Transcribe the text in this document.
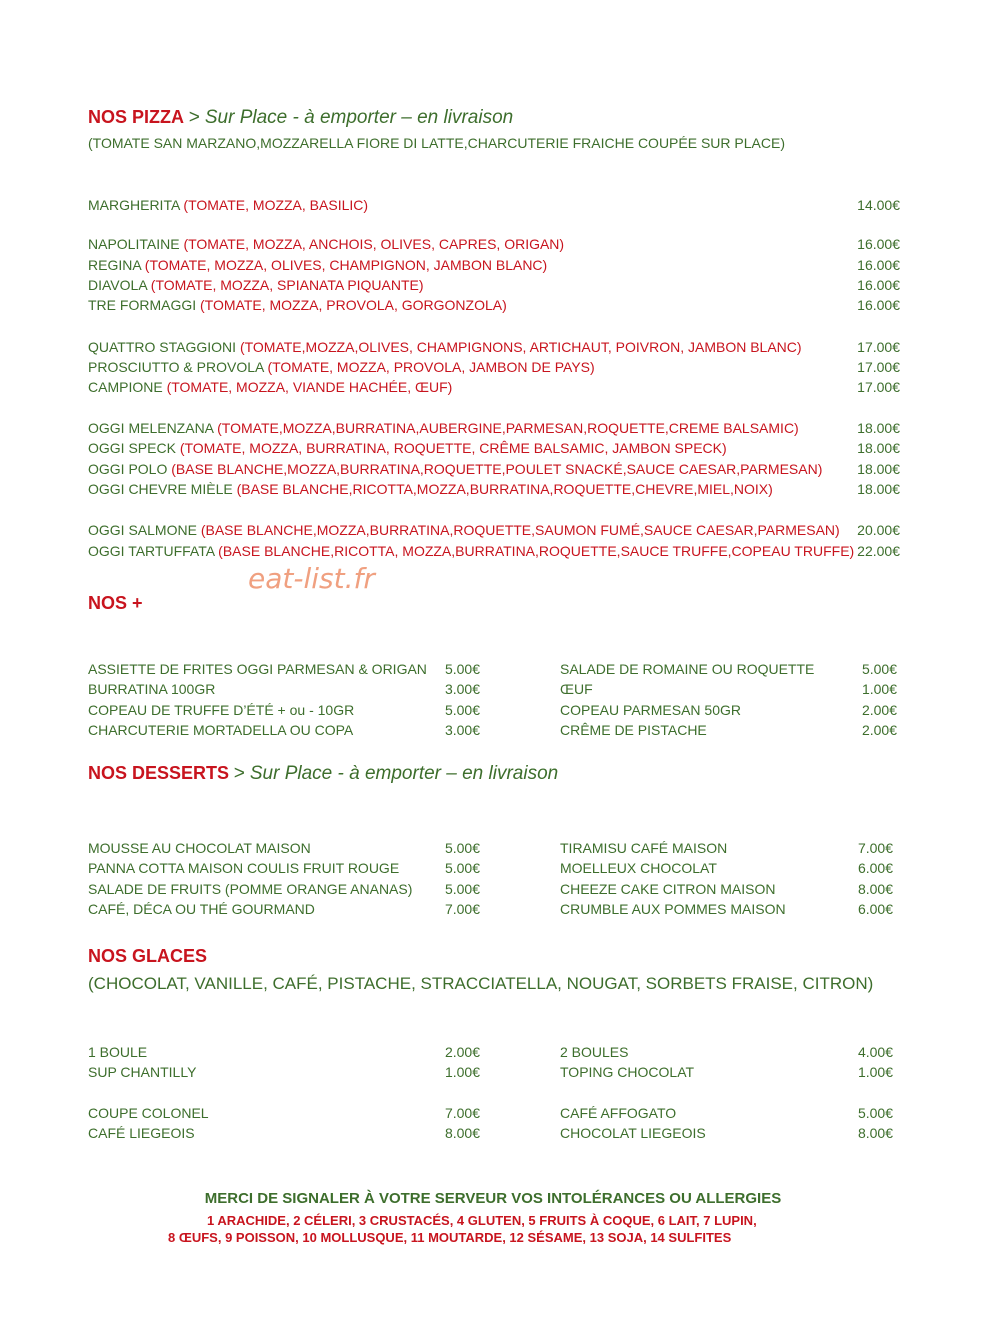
NOS PIZZA > Sur Place - à emporter – en livraison
(TOMATE SAN MARZANO,MOZZARELLA FIORE DI LATTE,CHARCUTERIE FRAICHE COUPÉE SUR PLACE)
MARGHERITA (TOMATE, MOZZA, BASILIC)	14.00€
NAPOLITAINE (TOMATE, MOZZA, ANCHOIS, OLIVES, CAPRES, ORIGAN)	16.00€
REGINA (TOMATE, MOZZA, OLIVES, CHAMPIGNON, JAMBON BLANC)	16.00€
DIAVOLA (TOMATE, MOZZA, SPIANATA PIQUANTE)	16.00€
TRE FORMAGGI (TOMATE, MOZZA, PROVOLA, GORGONZOLA)	16.00€
QUATTRO STAGGIONI (TOMATE,MOZZA,OLIVES, CHAMPIGNONS, ARTICHAUT, POIVRON, JAMBON BLANC)	17.00€
PROSCIUTTO & PROVOLA (TOMATE, MOZZA, PROVOLA, JAMBON DE PAYS)	17.00€
CAMPIONE (TOMATE, MOZZA, VIANDE HACHÉE, ŒUF)	17.00€
OGGI MELENZANA (TOMATE,MOZZA,BURRATINA,AUBERGINE,PARMESAN,ROQUETTE,CREME BALSAMIC)	18.00€
OGGI SPECK (TOMATE, MOZZA, BURRATINA, ROQUETTE, CRÊME BALSAMIC, JAMBON SPECK)	18.00€
OGGI POLO (BASE BLANCHE,MOZZA,BURRATINA,ROQUETTE,POULET SNACKÉ,SAUCE CAESAR,PARMESAN) 18.00€
OGGI CHEVRE MIÈLE (BASE BLANCHE,RICOTTA,MOZZA,BURRATINA,ROQUETTE,CHEVRE,MIEL,NOIX)	18.00€
OGGI SALMONE (BASE BLANCHE,MOZZA,BURRATINA,ROQUETTE,SAUMON FUMÉ,SAUCE CAESAR,PARMESAN) 20.00€
OGGI TARTUFFATA (BASE BLANCHE,RICOTTA, MOZZA,BURRATINA,ROQUETTE,SAUCE TRUFFE,COPEAU TRUFFE) 22.00€
eat-list.fr
NOS +
ASSIETTE DE FRITES OGGI PARMESAN & ORIGAN	5.00€
BURRATINA 100GR	3.00€
COPEAU DE TRUFFE D’ÉTÉ + ou - 10GR	5.00€
CHARCUTERIE MORTADELLA OU COPA	3.00€
SALADE DE ROMAINE OU ROQUETTE	5.00€
ŒUF	1.00€
COPEAU PARMESAN 50GR	2.00€
CRÊME DE PISTACHE	2.00€
NOS DESSERTS > Sur Place - à emporter – en livraison
MOUSSE AU CHOCOLAT MAISON	5.00€
PANNA COTTA MAISON COULIS FRUIT ROUGE	5.00€
SALADE DE FRUITS (POMME ORANGE ANANAS)	5.00€
CAFÉ, DÉCA OU THÉ GOURMAND	7.00€
TIRAMISU CAFÉ MAISON	7.00€
MOELLEUX CHOCOLAT	6.00€
CHEEZE CAKE CITRON MAISON	8.00€
CRUMBLE AUX POMMES MAISON	6.00€
NOS GLACES
(CHOCOLAT, VANILLE, CAFÉ, PISTACHE, STRACCIATELLA, NOUGAT, SORBETS FRAISE, CITRON)
1 BOULE	2.00€
SUP CHANTILLY	1.00€
COUPE COLONEL	7.00€
CAFÉ LIEGEOIS	8.00€
2 BOULES	4.00€
TOPING CHOCOLAT	1.00€
CAFÉ AFFOGATO	5.00€
CHOCOLAT LIEGEOIS	8.00€
MERCI DE SIGNALER À VOTRE SERVEUR VOS INTOLÉRANCES OU ALLERGIES
1 ARACHIDE, 2 CÉLERI, 3 CRUSTACÉS, 4 GLUTEN, 5 FRUITS À COQUE, 6 LAIT, 7 LUPIN,
8 ŒUFS, 9 POISSON, 10 MOLLUSQUE, 11 MOUTARDE, 12 SÉSAME, 13 SOJA, 14 SULFITES
